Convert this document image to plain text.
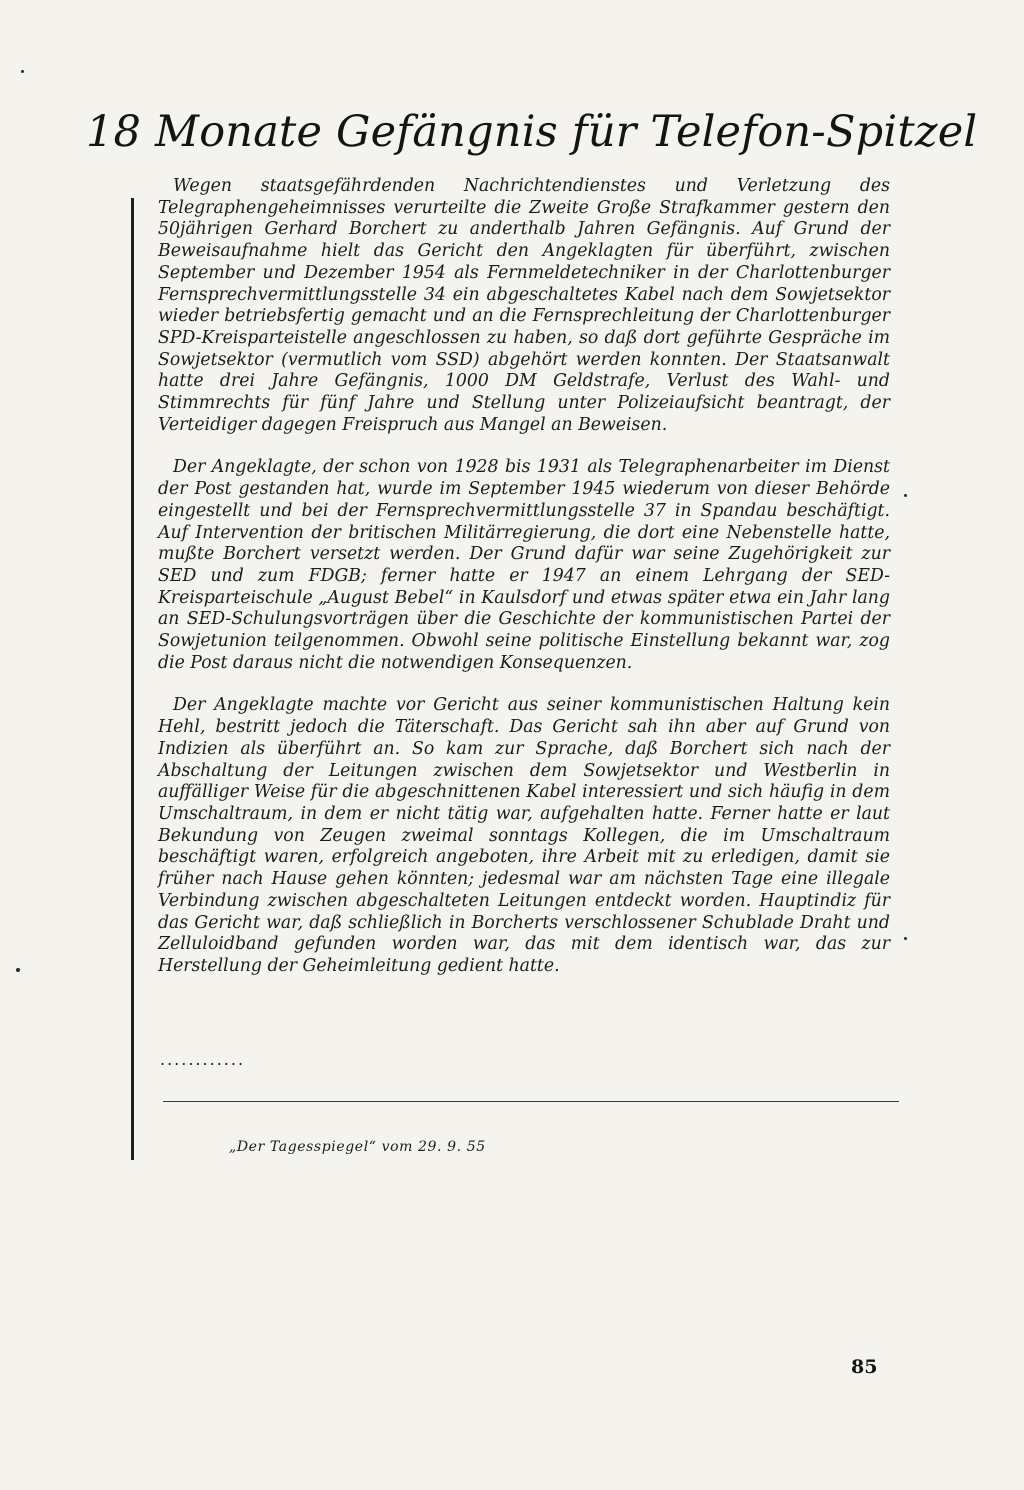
18 Monate Gefängnis für Telefon-Spitzel

Wegen staatsgefährdenden Nachrichtendienstes und Verletzung des Telegraphengeheimnisses verurteilte die Zweite Große Strafkammer gestern den 50jährigen Gerhard Borchert zu anderthalb Jahren Gefängnis. Auf Grund der Beweisaufnahme hielt das Gericht den Angeklagten für überführt, zwischen September und Dezember 1954 als Fernmeldetechniker in der Charlottenburger Fernsprechvermittlungsstelle 34 ein abgeschaltetes Kabel nach dem Sowjetsektor wieder betriebsfertig gemacht und an die Fernsprechleitung der Charlottenburger SPD-Kreisparteistelle angeschlossen zu haben, so daß dort geführte Gespräche im Sowjetsektor (vermutlich vom SSD) abgehört werden konnten. Der Staatsanwalt hatte drei Jahre Gefängnis, 1000 DM Geldstrafe, Verlust des Wahl- und Stimmrechts für fünf Jahre und Stellung unter Polizeiaufsicht beantragt, der Verteidiger dagegen Freispruch aus Mangel an Beweisen.

Der Angeklagte, der schon von 1928 bis 1931 als Telegraphenarbeiter im Dienst der Post gestanden hat, wurde im September 1945 wiederum von dieser Behörde eingestellt und bei der Fernsprechvermittlungsstelle 37 in Spandau beschäftigt. Auf Intervention der britischen Militärregierung, die dort eine Nebenstelle hatte, mußte Borchert versetzt werden. Der Grund dafür war seine Zugehörigkeit zur SED und zum FDGB; ferner hatte er 1947 an einem Lehrgang der SED-Kreisparteischule „August Bebel“ in Kaulsdorf und etwas später etwa ein Jahr lang an SED-Schulungsvorträgen über die Geschichte der kommunistischen Partei der Sowjetunion teilgenommen. Obwohl seine politische Einstellung bekannt war, zog die Post daraus nicht die notwendigen Konsequenzen.

Der Angeklagte machte vor Gericht aus seiner kommunistischen Haltung kein Hehl, bestritt jedoch die Täterschaft. Das Gericht sah ihn aber auf Grund von Indizien als überführt an. So kam zur Sprache, daß Borchert sich nach der Abschaltung der Leitungen zwischen dem Sowjetsektor und Westberlin in auffälliger Weise für die abgeschnittenen Kabel interessiert und sich häufig in dem Umschaltraum, in dem er nicht tätig war, aufgehalten hatte. Ferner hatte er laut Bekundung von Zeugen zweimal sonntags Kollegen, die im Umschaltraum beschäftigt waren, erfolgreich angeboten, ihre Arbeit mit zu erledigen, damit sie früher nach Hause gehen könnten; jedesmal war am nächsten Tage eine illegale Verbindung zwischen abgeschalteten Leitungen entdeckt worden. Hauptindiz für das Gericht war, daß schließlich in Borcherts verschlossener Schublade Draht und Zelluloidband gefunden worden war, das mit dem identisch war, das zur Herstellung der Geheimleitung gedient hatte.

............
„Der Tagesspiegel“ vom 29. 9. 55
85
